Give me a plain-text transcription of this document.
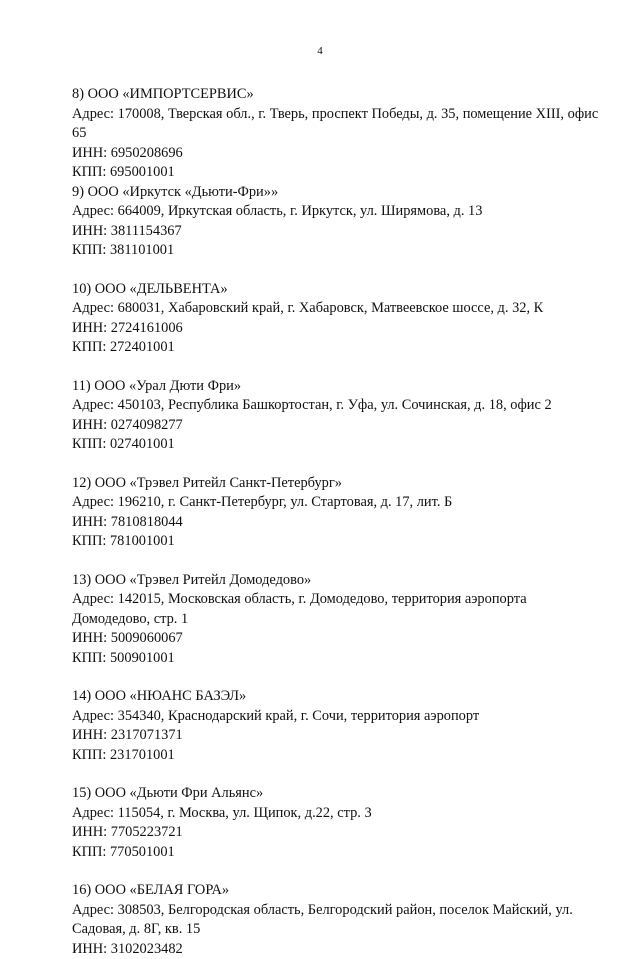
4
8) ООО «ИМПОРТСЕРВИС»
Адрес: 170008, Тверская обл., г. Тверь, проспект Победы, д. 35, помещение XIII, офис 65
ИНН: 6950208696
КПП: 695001001
9) ООО «Иркутск «Дьюти-Фри»»
Адрес: 664009, Иркутская область, г. Иркутск, ул. Ширямова, д. 13
ИНН: 3811154367
КПП: 381101001
10) ООО «ДЕЛЬВЕНТА»
Адрес: 680031, Хабаровский край, г. Хабаровск, Матвеевское шоссе, д. 32, К
ИНН: 2724161006
КПП: 272401001
11) ООО «Урал Дюти Фри»
Адрес: 450103, Республика Башкортостан, г. Уфа, ул. Сочинская, д. 18, офис 2
ИНН: 0274098277
КПП: 027401001
12) ООО «Трэвел Ритейл Санкт-Петербург»
Адрес: 196210, г. Санкт-Петербург, ул. Стартовая, д. 17, лит. Б
ИНН: 7810818044
КПП: 781001001
13) ООО «Трэвел Ритейл Домодедово»
Адрес: 142015, Московская область, г. Домодедово, территория аэропорта Домодедово, стр. 1
ИНН: 5009060067
КПП: 500901001
14) ООО «НЮАНС БАЗЭЛ»
Адрес: 354340, Краснодарский край, г. Сочи, территория аэропорт
ИНН: 2317071371
КПП: 231701001
15) ООО «Дьюти Фри Альянс»
Адрес: 115054, г. Москва, ул. Щипок, д.22, стр. 3
ИНН: 7705223721
КПП: 770501001
16) ООО «БЕЛАЯ ГОРА»
Адрес: 308503, Белгородская область, Белгородский район, поселок Майский, ул. Садовая, д. 8Г, кв. 15
ИНН: 3102023482
